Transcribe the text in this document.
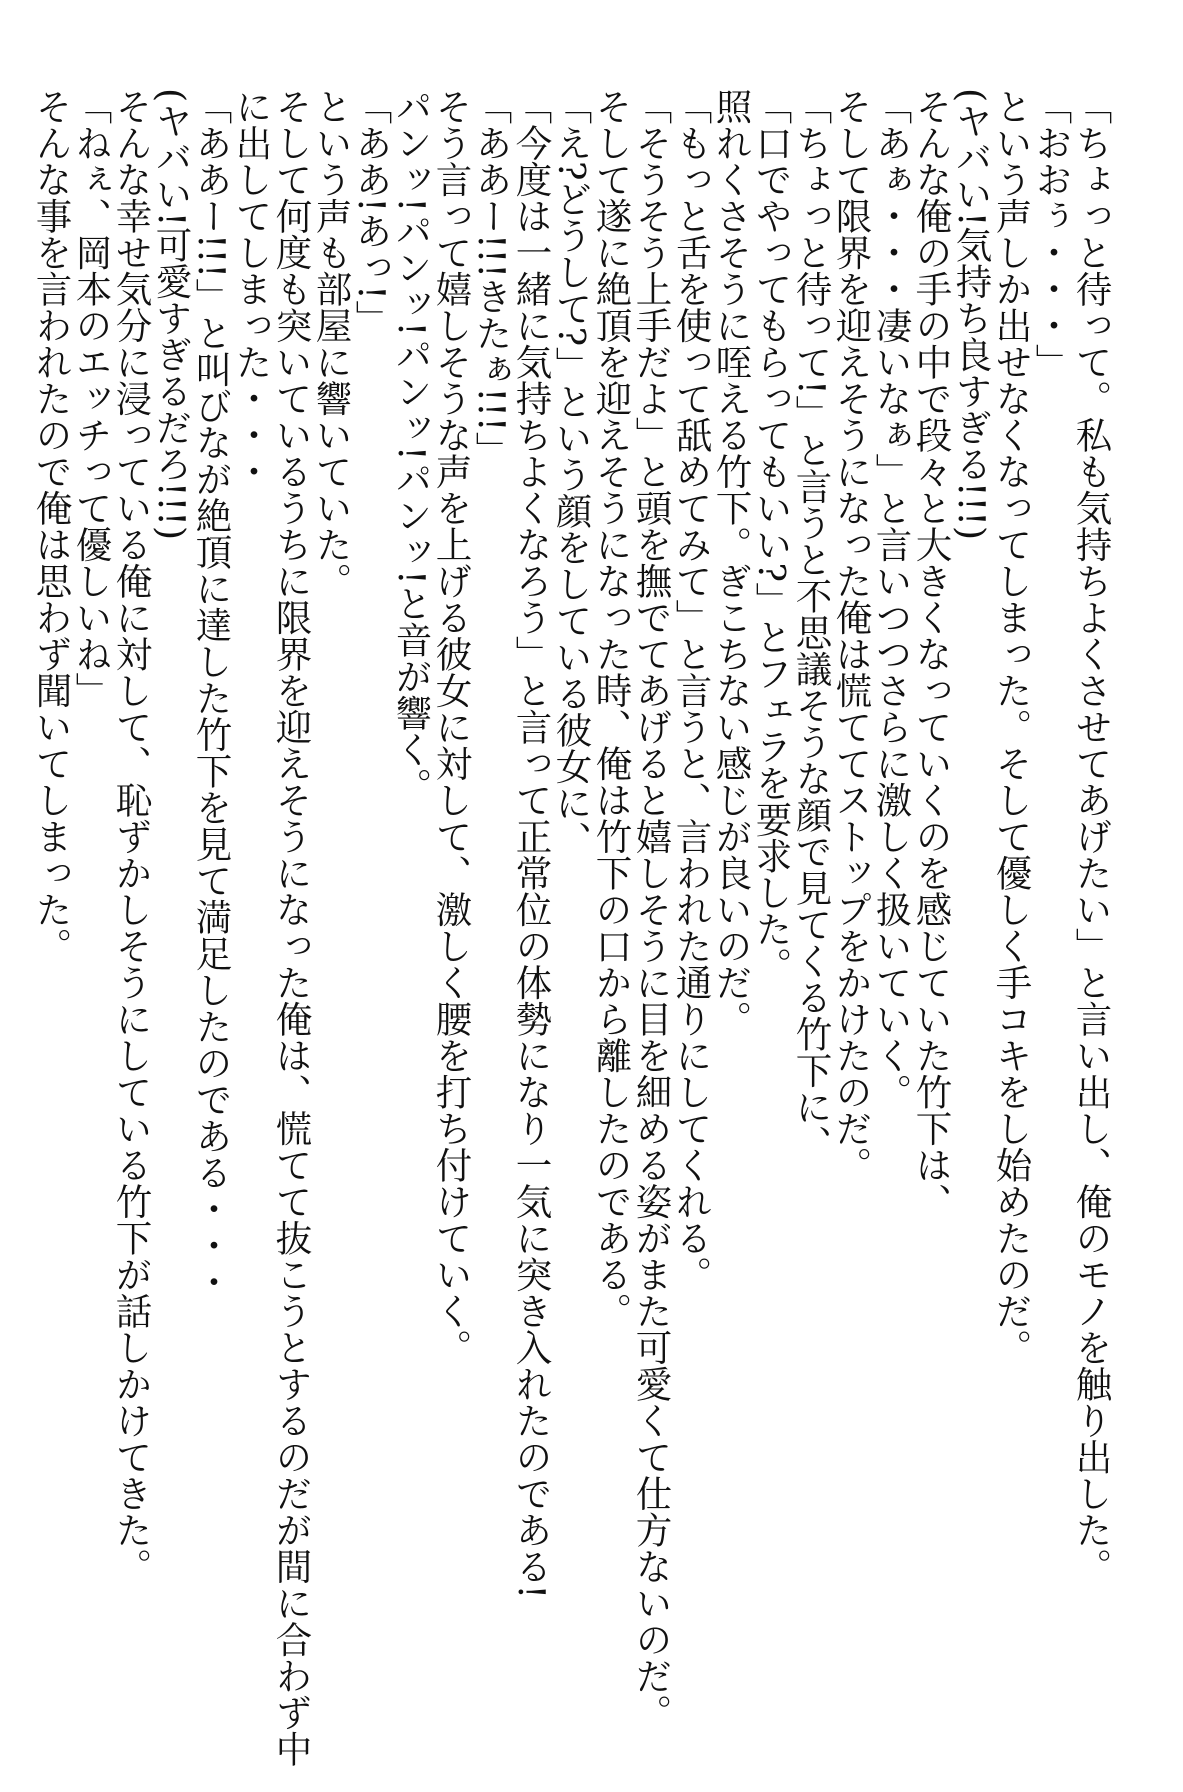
「ちょっと待って。私も気持ちよくさせてあげたい」と言い出し、俺のモノを触り出した。
「おおぅ・・・」
という声しか出せなくなってしまった。そして優しく手コキをし始めたのだ。
(ヤバい!気持ち良すぎる!!!)
そんな俺の手の中で段々と大きくなっていくのを感じていた竹下は、
「あぁ・・・凄いなぁ」と言いつつさらに激しく扱いていく。
そして限界を迎えそうになった俺は慌ててストップをかけたのだ。
「ちょっと待って!」と言うと不思議そうな顔で見てくる竹下に、
「口でやってもらってもいい?」とフェラを要求した。
照れくさそうに咥える竹下。ぎこちない感じが良いのだ。
「もっと舌を使って舐めてみて」と言うと、言われた通りにしてくれる。
「そうそう上手だよ」と頭を撫でてあげると嬉しそうに目を細める姿がまた可愛くて仕方ないのだ。
そして遂に絶頂を迎えそうになった時、俺は竹下の口から離したのである。
「え?どうして?」という顔をしている彼女に、
「今度は一緒に気持ちよくなろう」と言って正常位の体勢になり一気に突き入れたのである!
「ああー!!!きたぁ!!!」
そう言って嬉しそうな声を上げる彼女に対して、激しく腰を打ち付けていく。
パンッ!パンッ!パンッ!パンッ!と音が響く。
「ああ!あっ!」
という声も部屋に響いていた。
そして何度も突いているうちに限界を迎えそうになった俺は、慌てて抜こうとするのだが間に合わず中
に出してしまった・・・
「ああー!!!」と叫びなが絶頂に達した竹下を見て満足したのである・・・
(ヤバい!可愛すぎるだろ!!!)
そんな幸せ気分に浸っている俺に対して、恥ずかしそうにしている竹下が話しかけてきた。
「ねぇ、岡本のエッチって優しいね」
そんな事を言われたので俺は思わず聞いてしまった。
